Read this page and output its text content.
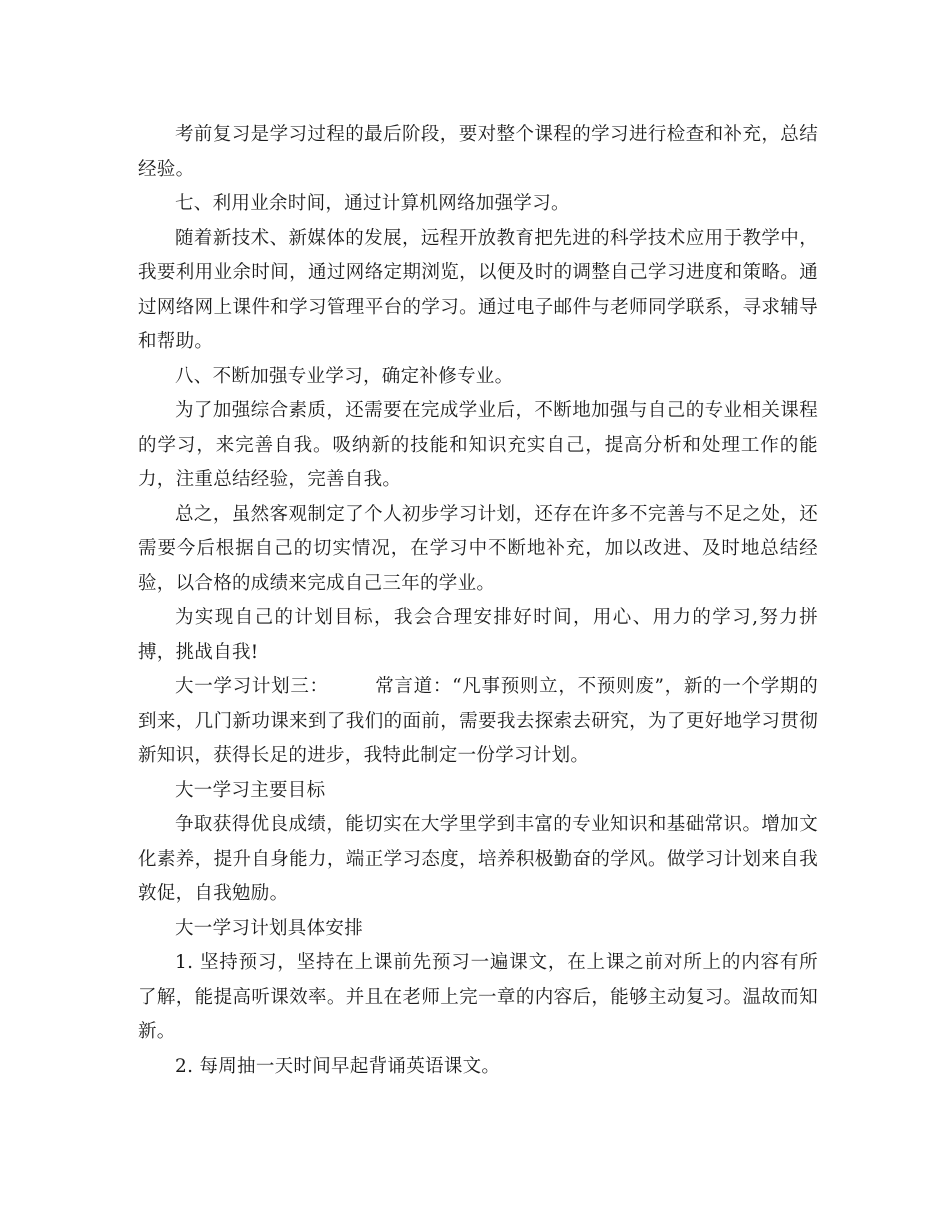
考前复习是学习过程的最后阶段，要对整个课程的学习进行检查和补充，总结经验。

七、利用业余时间，通过计算机网络加强学习。

随着新技术、新媒体的发展，远程开放教育把先进的科学技术应用于教学中，我要利用业余时间，通过网络定期浏览，以便及时的调整自己学习进度和策略。通过网络网上课件和学习管理平台的学习。通过电子邮件与老师同学联系，寻求辅导和帮助。

八、不断加强专业学习，确定补修专业。

为了加强综合素质，还需要在完成学业后，不断地加强与自己的专业相关课程的学习，来完善自我。吸纳新的技能和知识充实自己，提高分析和处理工作的能力，注重总结经验，完善自我。

总之，虽然客观制定了个人初步学习计划，还存在许多不完善与不足之处，还需要今后根据自己的切实情况，在学习中不断地补充，加以改进、及时地总结经验，以合格的成绩来完成自己三年的学业。

为实现自己的计划目标，我会合理安排好时间，用心、用力的学习,努力拼搏，挑战自我!

大一学习计划三： 常言道：“凡事预则立，不预则废”，新的一个学期的到来，几门新功课来到了我们的面前，需要我去探索去研究，为了更好地学习贯彻新知识，获得长足的进步，我特此制定一份学习计划。

大一学习主要目标

争取获得优良成绩，能切实在大学里学到丰富的专业知识和基础常识。增加文化素养，提升自身能力，端正学习态度，培养积极勤奋的学风。做学习计划来自我敦促，自我勉励。

大一学习计划具体安排

1. 坚持预习，坚持在上课前先预习一遍课文，在上课之前对所上的内容有所了解，能提高听课效率。并且在老师上完一章的内容后，能够主动复习。温故而知新。

2. 每周抽一天时间早起背诵英语课文。
